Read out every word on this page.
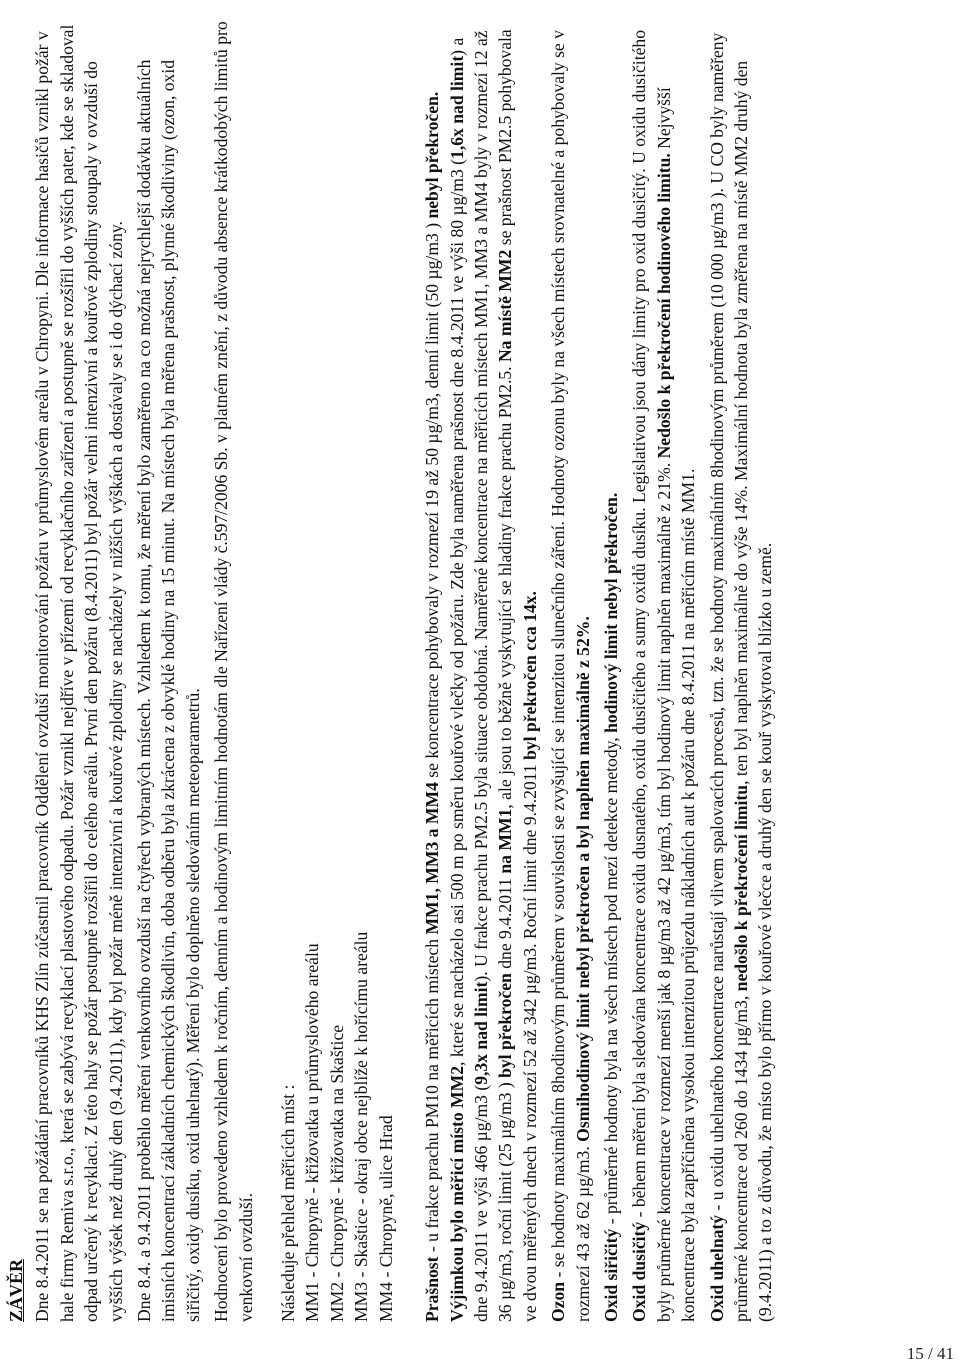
ZÁVĚR Dne 8.4.2011 se na požádání pracovníků KHS Zlín zúčastnil pracovník Oddělení ovzduší monitorování požáru v průmyslovém areálu v Chropyni. Dle informace hasičů vznikl požár v hale firmy Remiva s.r.o., která se zabývá recyklací plastového odpadu. Požár vznikl nejdříve v přízemí od recyklačního zařízení a postupně se rozšířil do vyšších pater, kde se skladoval odpad určený k recyklaci. Z této haly se požár postupně rozšířil do celého areálu. První den požáru (8.4.2011) byl požár velmi intenzivní a kouřové zplodiny stoupaly v ovzduší do vyšších výšek než druhý den (9.4.2011), kdy byl požár méně intenzivní a kouřové zplodiny se nacházely v nižších výškách a dostávaly se i do dýchací zóny. Dne 8.4. a 9.4.2011 proběhlo měření venkovního ovzduší na čtyřech vybraných místech. Vzhledem k tomu, že měření bylo zaměřeno na co možná nejrychlejší dodávku aktuálních imisních koncentrací základních chemických škodlivin, doba odběru byla zkrácena z obvyklé hodiny na 15 minut. Na místech byla měřena prašnost, plynné škodliviny (ozon, oxid siřičitý, oxidy dusíku, oxid uhelnatý). Měření bylo doplněno sledováním meteoparametrů. Hodnocení bylo provedeno vzhledem k ročním, denním a hodinovým limitním hodnotám dle Nařízení vlády č.597/2006 Sb. v platném znění, z důvodu absence krátkodobých limitů pro venkovní ovzduší. Následuje přehled měřicích míst : MM1 - Chropyně - křižovatka u průmyslového areálu MM2 - Chropyně - křižovatka na Skaštice MM3 - Skaštice - okraj obce nejblíže k hořícímu areálu MM4 - Chropyně, ulice Hrad Prašnost - u frakce prachu PM10 na měřicích místech MM1, MM3 a MM4 se koncentrace pohybovaly v rozmezí 19 až 50 µg/m3, denní limit (50 µg/m3 ) nebyl překročen. Výjimkou bylo měřicí místo MM2, které se nacházelo asi 500 m po směru kouřové vlečky od požáru. Zde byla naměřena prašnost dne 8.4.2011 ve výši 80 µg/m3 (1,6x nad limit) a dne 9.4.2011 ve výši 466 µg/m3 (9,3x nad limit). U frakce prachu PM2.5 byla situace obdobná. Naměřené koncentrace na měřicích místech MM1, MM3 a MM4 byly v rozmezí 12 až 36 µg/m3, roční limit (25 µg/m3 ) byl překročen dne 9.4.2011 na MM1, ale jsou to běžně vyskytující se hladiny frakce prachu PM2.5. Na místě MM2 se prašnost PM2.5 pohybovala ve dvou měřených dnech v rozmezí 52 až 342 µg/m3. Roční limit dne 9.4.2011 byl překročen cca 14x.

Ozon - se hodnoty maximálním 8hodinovým průměrem v souvislosti se zvyšující se intenzitou slunečního záření. Hodnoty ozonu byly na všech místech srovnatelné a pohybovaly se v rozmezí 43 až 62 µg/m3. Osmihodinový limit nebyl překročen a byl naplněn maximálně z 52%.

Oxid siřičitý - průměrné hodnoty byla na všech místech pod mezí detekce metody, hodinový limit nebyl překročen.

Oxid dusičitý - během měření byla sledována koncentrace oxidu dusnatého, oxidu dusičitého a sumy oxidů dusíku. Legislativou jsou dány limity pro oxid dusičitý. U oxidu dusičitého byly průměrné koncentrace v rozmezí menší jak 8 µg/m3 až 42 µg/m3, tím byl hodinový limit naplněn maximálně z 21%. Nedošlo k překročení hodinového limitu. Nejvyšší koncentrace byla zapříčiněna vysokou intenzitou průjezdu nákladních aut k požáru dne 8.4.2011 na měřicím místě MM1. Oxid uhelnatý - u oxidu uhelnatého koncentrace narůstají vlivem spalovacích procesů, tzn. že se hodnoty maximálním 8hodinovým průměrem (10 000 µg/m3 ). U CO byly naměřeny průměrné koncentrace od 260 do 1434 µg/m3, nedošlo k překročení limitu, ten byl naplněn maximálně do výše 14%. Maximální hodnota byla změřena na místě MM2 druhý den (9.4.2011) a to z důvodu, že místo bylo přímo v kouřové vlečce a druhý den se kouř vyskytoval blízko u země.

15 / 41
